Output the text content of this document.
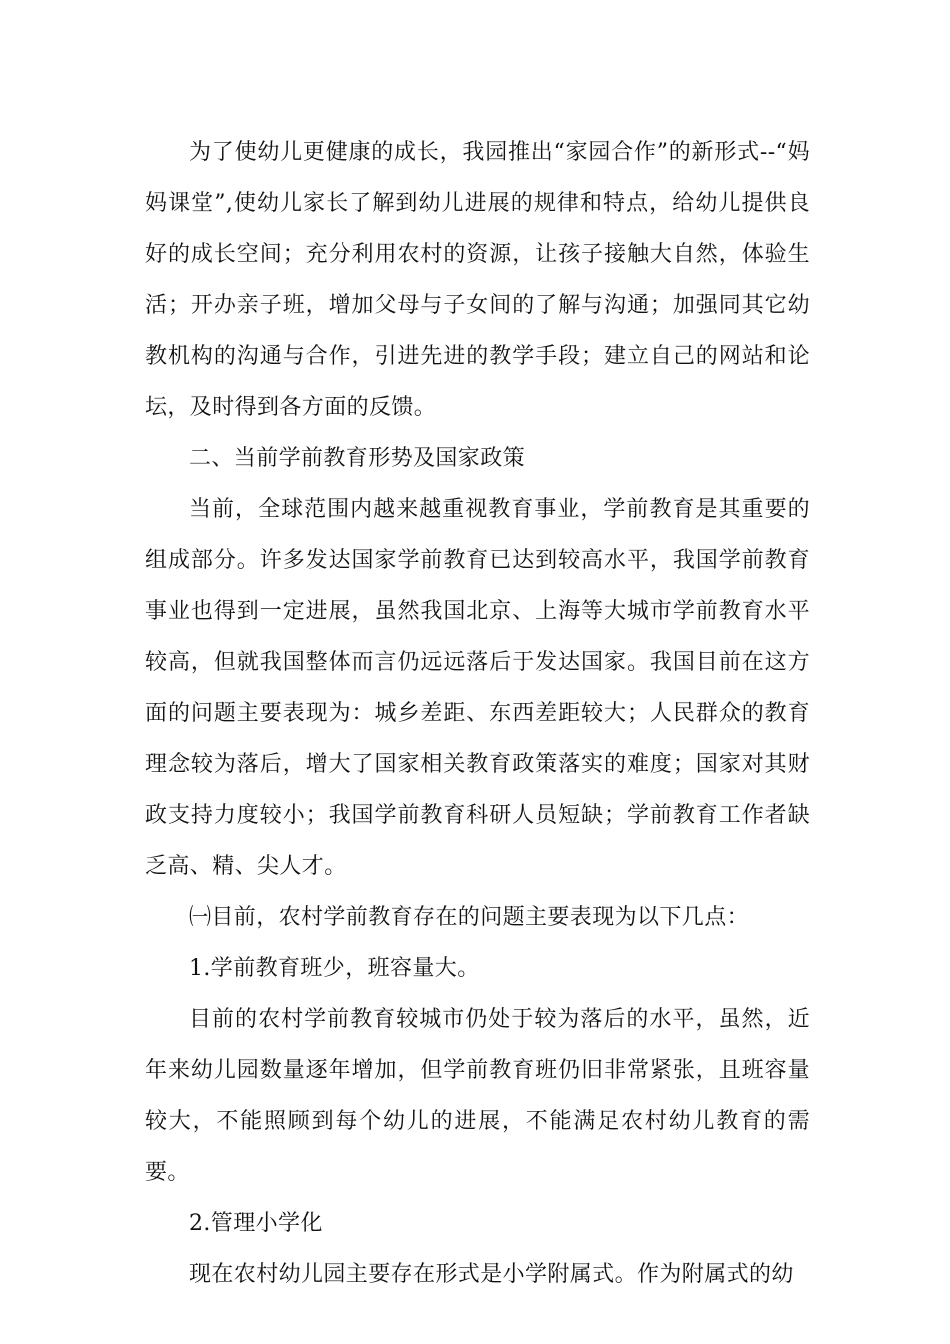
为了使幼儿更健康的成长，我园推出“家园合作”的新形式--“妈妈课堂”,使幼儿家长了解到幼儿进展的规律和特点，给幼儿提供良好的成长空间；充分利用农村的资源，让孩子接触大自然，体验生活；开办亲子班，增加父母与子女间的了解与沟通；加强同其它幼教机构的沟通与合作，引进先进的教学手段；建立自己的网站和论坛，及时得到各方面的反馈。

二、当前学前教育形势及国家政策

当前，全球范围内越来越重视教育事业，学前教育是其重要的组成部分。许多发达国家学前教育已达到较高水平，我国学前教育事业也得到一定进展，虽然我国北京、上海等大城市学前教育水平较高，但就我国整体而言仍远远落后于发达国家。我国目前在这方面的问题主要表现为：城乡差距、东西差距较大；人民群众的教育理念较为落后，增大了国家相关教育政策落实的难度；国家对其财政支持力度较小；我国学前教育科研人员短缺；学前教育工作者缺乏高、精、尖人才。

㈠目前，农村学前教育存在的问题主要表现为以下几点：

1.学前教育班少，班容量大。

目前的农村学前教育较城市仍处于较为落后的水平，虽然，近年来幼儿园数量逐年增加，但学前教育班仍旧非常紧张，且班容量较大，不能照顾到每个幼儿的进展，不能满足农村幼儿教育的需要。

2.管理小学化

现在农村幼儿园主要存在形式是小学附属式。作为附属式的幼
